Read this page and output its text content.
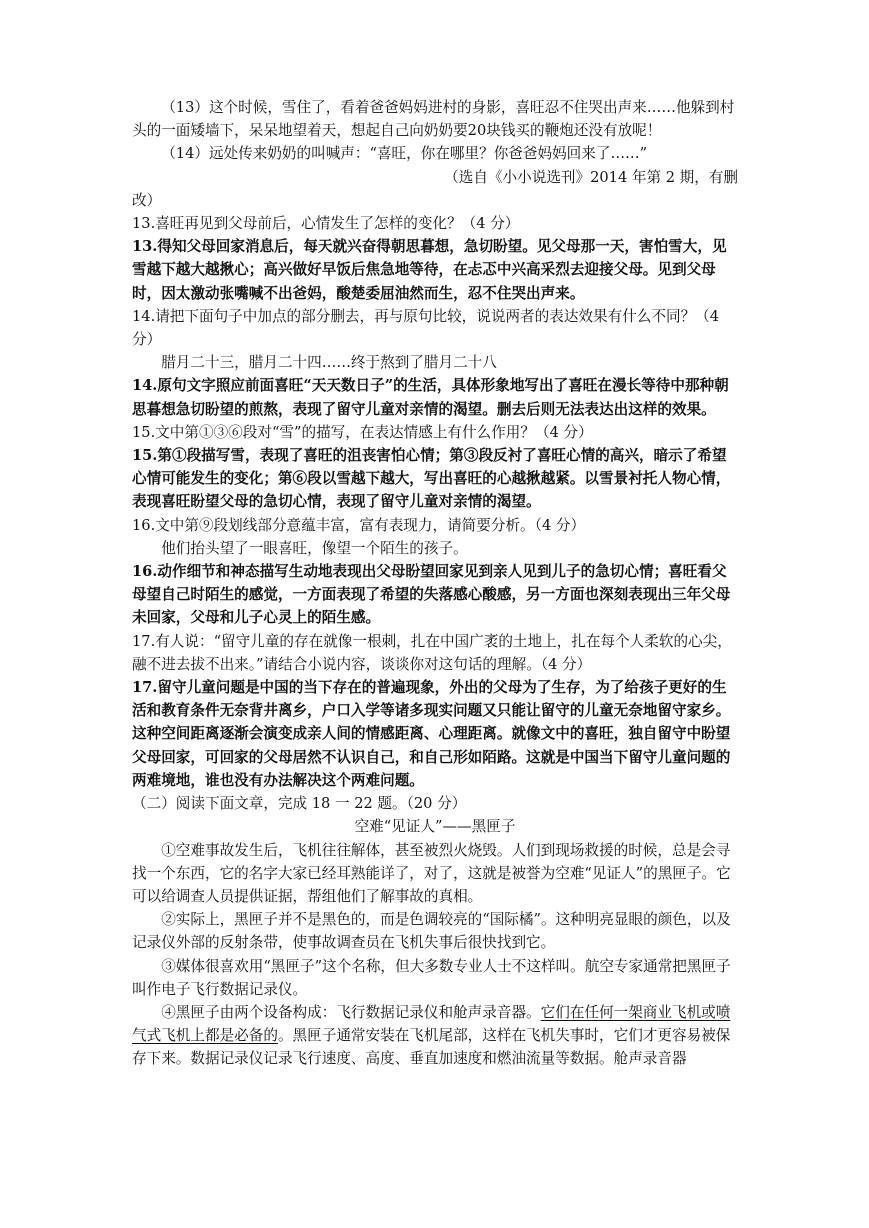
（13）这个时候，雪住了，看着爸爸妈妈进村的身影，喜旺忍不住哭出声来……他躲到村头的一面矮墙下，呆呆地望着天，想起自己向奶奶要20块钱买的鞭炮还没有放呢！

（14）远处传来奶奶的叫喊声：“喜旺，你在哪里？你爸爸妈妈回来了……”

（选自《小小说选刊》2014 年第 2 期，有删

改）

13.喜旺再见到父母前后，心情发生了怎样的变化？（4 分）

13.得知父母回家消息后，每天就兴奋得朝思暮想，急切盼望。见父母那一天，害怕雪大，见雪越下越大越揪心；高兴做好早饭后焦急地等待，在忐忑中兴高采烈去迎接父母。见到父母时，因太激动张嘴喊不出爸妈，酸楚委屈油然而生，忍不住哭出声来。

14.请把下面句子中加点的部分删去，再与原句比较，说说两者的表达效果有什么不同？（4 分）

腊月二十三，腊月二十四……终于熬到了腊月二十八

14.原句文字照应前面喜旺“天天数日子”的生活，具体形象地写出了喜旺在漫长等待中那种朝思暮想急切盼望的煎熬，表现了留守儿童对亲情的渴望。删去后则无法表达出这样的效果。

15.文中第①③⑥段对“雪”的描写，在表达情感上有什么作用？（4 分）

15.第①段描写雪，表现了喜旺的沮丧害怕心情；第③段反衬了喜旺心情的高兴，暗示了希望心情可能发生的变化；第⑥段以雪越下越大，写出喜旺的心越揪越紧。以雪景衬托人物心情，表现喜旺盼望父母的急切心情，表现了留守儿童对亲情的渴望。

16.文中第⑨段划线部分意蕴丰富，富有表现力，请简要分析。（4 分）

他们抬头望了一眼喜旺，像望一个陌生的孩子。

16.动作细节和神态描写生动地表现出父母盼望回家见到亲人见到儿子的急切心情；喜旺看父母望自己时陌生的感觉，一方面表现了希望的失落感心酸感，另一方面也深刻表现出三年父母未回家，父母和儿子心灵上的陌生感。

17.有人说：“留守儿童的存在就像一根刺，扎在中国广袤的土地上，扎在每个人柔软的心尖，融不进去拔不出来。”请结合小说内容，谈谈你对这句话的理解。（4 分）

17.留守儿童问题是中国的当下存在的普遍现象，外出的父母为了生存，为了给孩子更好的生活和教育条件无奈背井离乡，户口入学等诸多现实问题又只能让留守的儿童无奈地留守家乡。这种空间距离逐渐会演变成亲人间的情感距离、心理距离。就像文中的喜旺，独自留守中盼望父母回家，可回家的父母居然不认识自己，和自己形如陌路。这就是中国当下留守儿童问题的两难境地，谁也没有办法解决这个两难问题。

（二）阅读下面文章，完成 18 一 22 题。（20 分）

空难“见证人”——黑匣子

①空难事故发生后，飞机往往解体，甚至被烈火烧毁。人们到现场救援的时候，总是会寻找一个东西，它的名字大家已经耳熟能详了，对了，这就是被誉为空难“见证人”的黑匣子。它可以给调查人员提供证据，帮组他们了解事故的真相。

②实际上，黑匣子并不是黑色的，而是色调较亮的“国际橘”。这种明亮显眼的颜色，以及记录仪外部的反射条带，使事故调查员在飞机失事后很快找到它。

③媒体很喜欢用“黑匣子”这个名称，但大多数专业人士不这样叫。航空专家通常把黑匣子叫作电子飞行数据记录仪。

④黑匣子由两个设备构成：飞行数据记录仪和舱声录音器。它们在任何一架商业飞机或喷气式飞机上都是必备的。黑匣子通常安装在飞机尾部，这样在飞机失事时，它们才更容易被保存下来。数据记录仪记录飞行速度、高度、垂直加速度和燃油流量等数据。舱声录音器
